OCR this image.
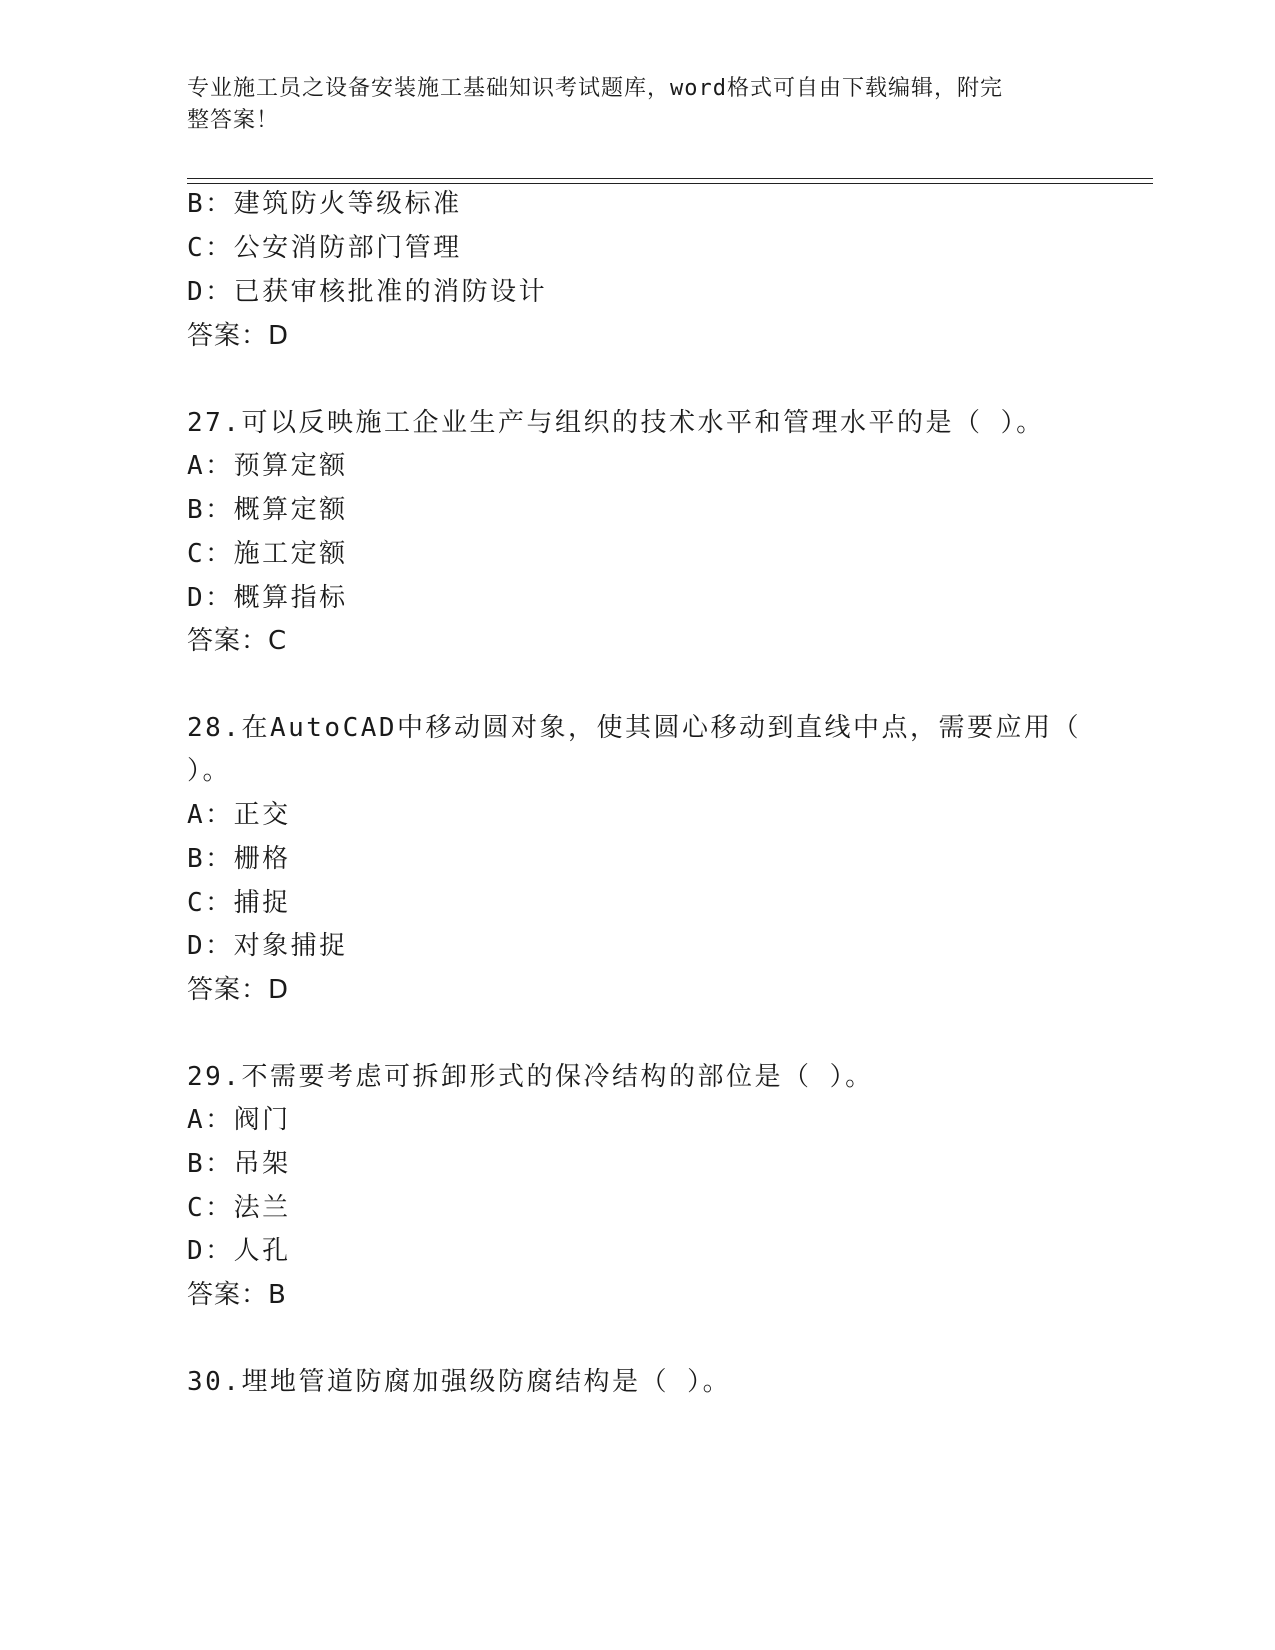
专业施工员之设备安装施工基础知识考试题库，word格式可自由下载编辑，附完
整答案！
B：建筑防火等级标准
C：公安消防部门管理
D：已获审核批准的消防设计
答案：D
27.可以反映施工企业生产与组织的技术水平和管理水平的是（ ）。
A：预算定额
B：概算定额
C：施工定额
D：概算指标
答案：C
28.在AutoCAD中移动圆对象，使其圆心移动到直线中点，需要应用（
）。
A：正交
B：栅格
C：捕捉
D：对象捕捉
答案：D
29.不需要考虑可拆卸形式的保冷结构的部位是（ ）。
A：阀门
B：吊架
C：法兰
D：人孔
答案：B
30.埋地管道防腐加强级防腐结构是（ ）。
